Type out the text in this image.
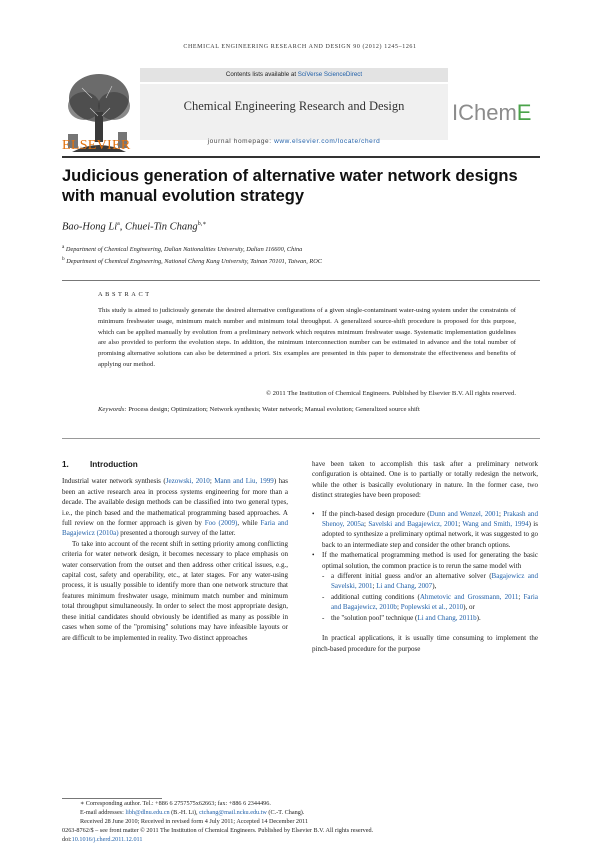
CHEMICAL ENGINEERING RESEARCH AND DESIGN 90 (2012) 1245–1261
Contents lists available at SciVerse ScienceDirect
Chemical Engineering Research and Design
journal homepage: www.elsevier.com/locate/cherd
IChemE
ELSEVIER
Judicious generation of alternative water network designs with manual evolution strategy
Bao-Hong Li$^a$, Chuei-Tin Chang$^{b,∗}$
$^a$ Department of Chemical Engineering, Dalian Nationalities University, Dalian 116600, China
$^b$ Department of Chemical Engineering, National Cheng Kung University, Tainan 70101, Taiwan, ROC
ABSTRACT
This study is aimed to judiciously generate the desired alternative configurations of a given single-contaminant water-using system under the constraints of minimum freshwater usage, minimum match number and minimum total throughput. A generalized source-shift procedure is proposed for this purpose, which can be applied manually by evolution from a preliminary network which requires minimum freshwater usage. Systematic implementation guidelines are also provided to perform the evolution steps. In addition, the minimum interconnection number can be estimated in advance and the total number of promising alternative solutions can also be determined a priori. Six examples are presented in this paper to demonstrate the effectiveness and benefits of applying our method.
© 2011 The Institution of Chemical Engineers. Published by Elsevier B.V. All rights reserved.
Keywords: Process design; Optimization; Network synthesis; Water network; Manual evolution; Generalized source shift
1.	Introduction

Industrial water network synthesis (Jezowski, 2010; Mann and Liu, 1999) has been an active research area in process systems engineering for more than a decade. The available design methods can be classified into two general types, i.e., the pinch based and the mathematical programming based approaches. A full review on the former approach is given by Foo (2009), while Faria and Bagajewicz (2010a) presented a thorough survey of the latter.

To take into account of the recent shift in setting priority among conflicting criteria for water network design, it becomes necessary to place emphasis on water conservation from the outset and then address other critical issues, e.g., capital cost, safety and operability, etc., at later stages. For any water-using process, it is usually possible to identify more than one network structure that features minimum freshwater usage, minimum match number and minimum total throughput simultaneously. In order to select the most appropriate design, these initial candidates should obviously be identified as many as possible in cases when some of the "promising" solutions may have infeasible layouts or are difficult to be implemented in reality. Two distinct approaches

have been taken to accomplish this task after a preliminary network configuration is obtained. One is to partially or totally redesign the network, while the other is basically evolutionary in nature. In the former case, two distinct strategies have been proposed:

• If the pinch-based design procedure (Dunn and Wenzel, 2001; Prakash and Shenoy, 2005a; Savelski and Bagajewicz, 2001; Wang and Smith, 1994) is adopted to synthesize a preliminary optimal network, it was suggested to go back to an intermediate step and consider the other branch options.
• If the mathematical programming method is used for generating the basic optimal solution, the common practice is to rerun the same model with
- a different initial guess and/or an alternative solver (Bagajewicz and Savelski, 2001; Li and Chang, 2007),
- additional cutting conditions (Ahmetovic and Grossmann, 2011; Faria and Bagajewicz, 2010b; Poplewski et al., 2010), or
- the "solution pool" technique (Li and Chang, 2011b).

In practical applications, it is usually time consuming to implement the pinch-based procedure for the purpose

∗ Corresponding author. Tel.: +886 6 2757575x62663; fax: +886 6 2344496.
E-mail addresses: libh@dlnu.edu.cn (B.-H. Li), ctchang@mail.ncku.edu.tw (C.-T. Chang).
Received 28 June 2010; Received in revised form 4 July 2011; Accepted 14 December 2011
0263-8762/$ – see front matter © 2011 The Institution of Chemical Engineers. Published by Elsevier B.V. All rights reserved.
doi:10.1016/j.cherd.2011.12.011
